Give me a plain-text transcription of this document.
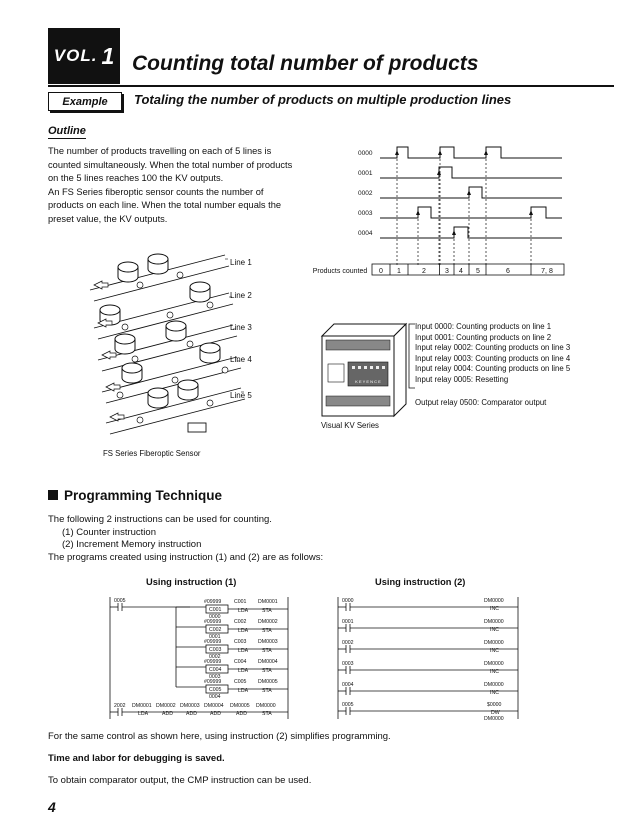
VOL. 1 Counting total number of products
Example	Totaling the number of products on multiple production lines
Outline
The number of products travelling on each of 5 lines is
counted simultaneously. When the total number of products
on the 5 lines reaches 100 the KV outputs.
An FS Series fiberoptic sensor counts the number of
products on each line. When the total number equals the
preset value, the KV outputs.
0000
0001
0002
0003
0004
Products counted 0 1	2	3 4 5	6	7, 8
Line 1
Line 2
Line 3
Line 4
Line 5
FS Series Fiberoptic Sensor
K E Y E N C E
Input 0000: Counting products on line 1
Input 0001: Counting products on line 2
Input relay 0002: Counting products on line 3
Input relay 0003: Counting products on line 4
Input relay 0004: Counting products on line 5
Input relay 0005: Resetting
Output relay 0500: Comparator output
Visual KV Series
Programming Technique
The following 2 instructions can be used for counting.
(1) Counter instruction
(2) Increment Memory instruction
The programs created using instruction (1) and (2) are as follows:
Using instruction (1)	Using instruction (2)
0005	#09999 C001
C001
0000
LDA
DM0001
STA
#09999 C002
C002
0001
LDA
DM0002
STA
#09999 C003
C003
0002
LDA
DM0003
STA
#09999 C004
C004
0003
LDA
DM0004
STA
#09999 C005
C005
0004
LDA
DM0005
STA
2002 DM0001 DM0002 DM0003 DM0004 DM0005 DM0000
LDA	ADD	ADD	ADD	ADD	STA
0000	DM0000
INC
0001	DM0000
INC
0002	DM0000
INC
0003	DM0000
INC
0004	DM0000
INC
0005	$0000
DW
DM0000
For the same control as shown here, using instruction (2) simplifies programming.
Time and labor for debugging is saved.
To obtain comparator output, the CMP instruction can be used.
4
